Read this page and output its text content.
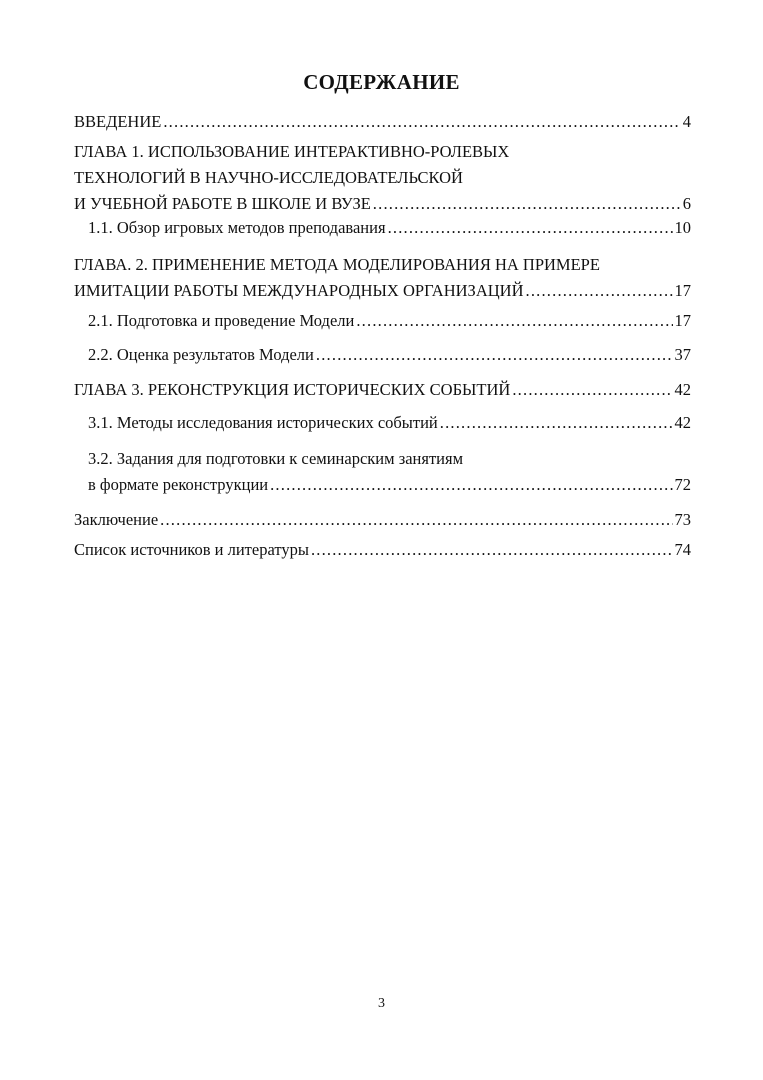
СОДЕРЖАНИЕ
ВВЕДЕНИЕ .....	4
ГЛАВА 1. ИСПОЛЬЗОВАНИЕ ИНТЕРАКТИВНО-РОЛЕВЫХ
ТЕХНОЛОГИЙ В НАУЧНО-ИССЛЕДОВАТЕЛЬСКОЙ
И УЧЕБНОЙ РАБОТЕ В ШКОЛЕ И ВУЗЕ .....	6
1.1. Обзор игровых методов преподавания .....	10
ГЛАВА. 2. ПРИМЕНЕНИЕ МЕТОДА МОДЕЛИРОВАНИЯ НА ПРИМЕРЕ
ИМИТАЦИИ РАБОТЫ МЕЖДУНАРОДНЫХ ОРГАНИЗАЦИЙ .....	17
2.1. Подготовка и проведение Модели .....	17
2.2. Оценка результатов Модели .....	37
ГЛАВА 3. РЕКОНСТРУКЦИЯ ИСТОРИЧЕСКИХ СОБЫТИЙ .....	42
3.1. Методы исследования исторических событий .....	42
3.2. Задания для подготовки к семинарским занятиям
в формате реконструкции .....	72
Заключение .....	73
Список источников и литературы .....	74
3
